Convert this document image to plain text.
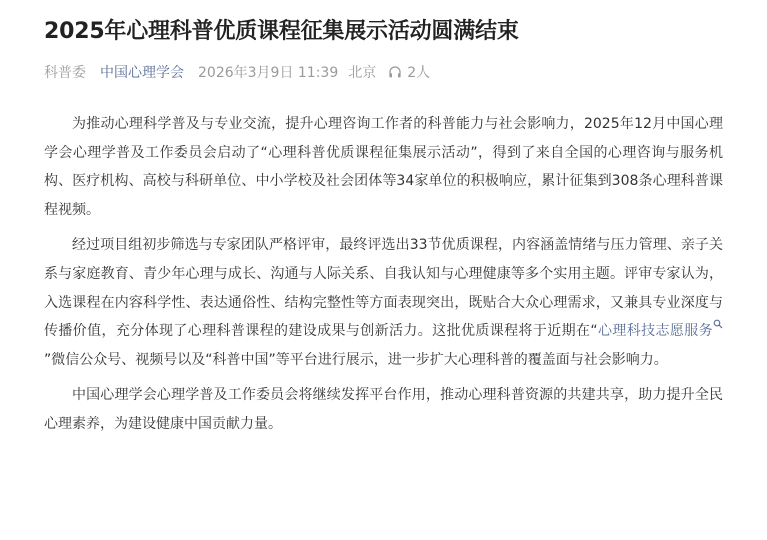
2025年心理科普优质课程征集展示活动圆满结束
科普委 中国心理学会 2026年3月9日 11:39 北京 2人

为推动心理科学普及与专业交流，提升心理咨询工作者的科普能力与社会影响力，2025年12月中国心理学会心理学普及工作委员会启动了“心理科普优质课程征集展示活动”，得到了来自全国的心理咨询与服务机构、医疗机构、高校与科研单位、中小学校及社会团体等34家单位的积极响应，累计征集到308条心理科普课程视频。

经过项目组初步筛选与专家团队严格评审，最终评选出33节优质课程，内容涵盖情绪与压力管理、亲子关系与家庭教育、青少年心理与成长、沟通与人际关系、自我认知与心理健康等多个实用主题。评审专家认为，入选课程在内容科学性、表达通俗性、结构完整性等方面表现突出，既贴合大众心理需求，又兼具专业深度与传播价值，充分体现了心理科普课程的建设成果与创新活力。这批优质课程将于近期在“心理科技志愿服务”微信公众号、视频号以及“科普中国”等平台进行展示，进一步扩大心理科普的覆盖面与社会影响力。

中国心理学会心理学普及工作委员会将继续发挥平台作用，推动心理科普资源的共建共享，助力提升全民心理素养，为建设健康中国贡献力量。
